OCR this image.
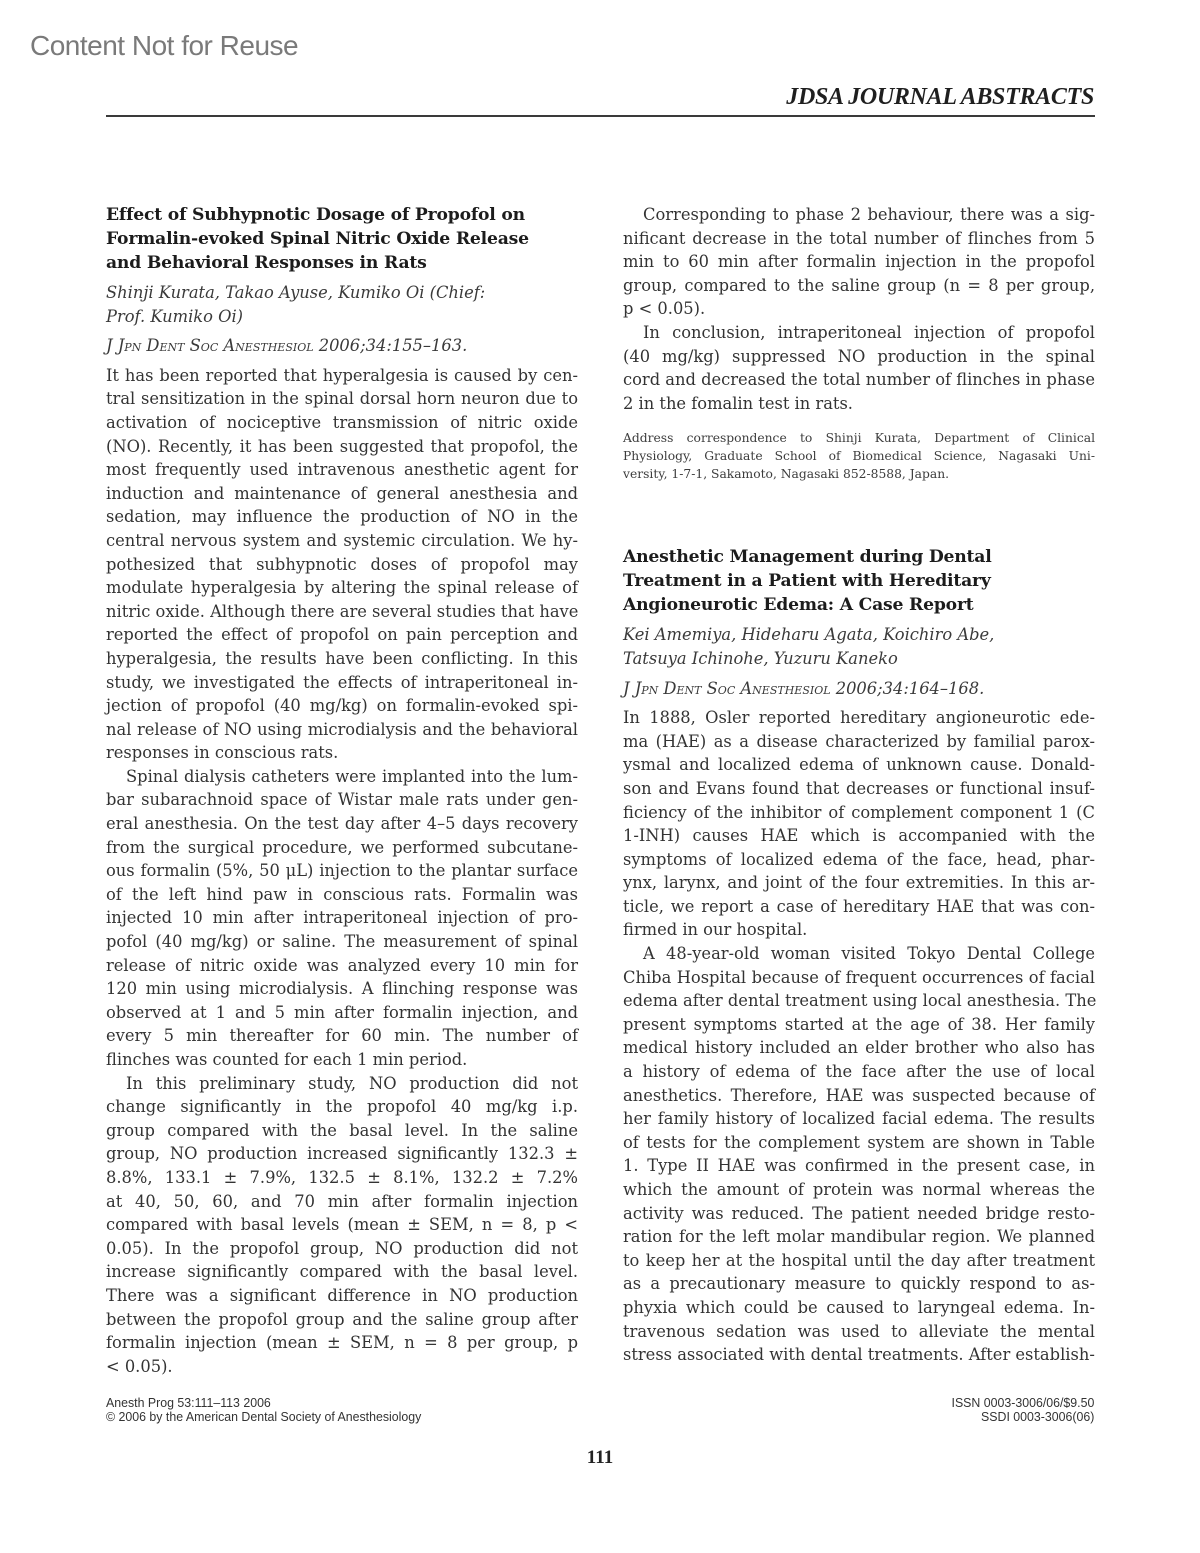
Content Not for Reuse
JDSA JOURNAL ABSTRACTS
Effect of Subhypnotic Dosage of Propofol on
Formalin-evoked Spinal Nitric Oxide Release
and Behavioral Responses in Rats
Shinji Kurata, Takao Ayuse, Kumiko Oi (Chief:
Prof. Kumiko Oi)
J Jpn Dent Soc Anesthesiol 2006;34:155–163.
It has been reported that hyperalgesia is caused by cen-
tral sensitization in the spinal dorsal horn neuron due to
activation of nociceptive transmission of nitric oxide
(NO). Recently, it has been suggested that propofol, the
most frequently used intravenous anesthetic agent for
induction and maintenance of general anesthesia and
sedation, may influence the production of NO in the
central nervous system and systemic circulation. We hy-
pothesized that subhypnotic doses of propofol may
modulate hyperalgesia by altering the spinal release of
nitric oxide. Although there are several studies that have
reported the effect of propofol on pain perception and
hyperalgesia, the results have been conflicting. In this
study, we investigated the effects of intraperitoneal in-
jection of propofol (40 mg/kg) on formalin-evoked spi-
nal release of NO using microdialysis and the behavioral
responses in conscious rats.
Spinal dialysis catheters were implanted into the lum-
bar subarachnoid space of Wistar male rats under gen-
eral anesthesia. On the test day after 4–5 days recovery
from the surgical procedure, we performed subcutane-
ous formalin (5%, 50 μL) injection to the plantar surface
of the left hind paw in conscious rats. Formalin was
injected 10 min after intraperitoneal injection of pro-
pofol (40 mg/kg) or saline. The measurement of spinal
release of nitric oxide was analyzed every 10 min for
120 min using microdialysis. A flinching response was
observed at 1 and 5 min after formalin injection, and
every 5 min thereafter for 60 min. The number of
flinches was counted for each 1 min period.
In this preliminary study, NO production did not
change significantly in the propofol 40 mg/kg i.p.
group compared with the basal level. In the saline
group, NO production increased significantly 132.3 ±
8.8%, 133.1 ± 7.9%, 132.5 ± 8.1%, 132.2 ± 7.2%
at 40, 50, 60, and 70 min after formalin injection
compared with basal levels (mean ± SEM, n = 8, p <
0.05). In the propofol group, NO production did not
increase significantly compared with the basal level.
There was a significant difference in NO production
between the propofol group and the saline group after
formalin injection (mean ± SEM, n = 8 per group, p
< 0.05).
Corresponding to phase 2 behaviour, there was a sig-
nificant decrease in the total number of flinches from 5
min to 60 min after formalin injection in the propofol
group, compared to the saline group (n = 8 per group,
p < 0.05).
In conclusion, intraperitoneal injection of propofol
(40 mg/kg) suppressed NO production in the spinal
cord and decreased the total number of flinches in phase
2 in the fomalin test in rats.
Address correspondence to Shinji Kurata, Department of Clinical
Physiology, Graduate School of Biomedical Science, Nagasaki Uni-
versity, 1-7-1, Sakamoto, Nagasaki 852-8588, Japan.
Anesthetic Management during Dental
Treatment in a Patient with Hereditary
Angioneurotic Edema: A Case Report
Kei Amemiya, Hideharu Agata, Koichiro Abe,
Tatsuya Ichinohe, Yuzuru Kaneko
J Jpn Dent Soc Anesthesiol 2006;34:164–168.
In 1888, Osler reported hereditary angioneurotic ede-
ma (HAE) as a disease characterized by familial parox-
ysmal and localized edema of unknown cause. Donald-
son and Evans found that decreases or functional insuf-
ficiency of the inhibitor of complement component 1 (C
1-INH) causes HAE which is accompanied with the
symptoms of localized edema of the face, head, phar-
ynx, larynx, and joint of the four extremities. In this ar-
ticle, we report a case of hereditary HAE that was con-
firmed in our hospital.
A 48-year-old woman visited Tokyo Dental College
Chiba Hospital because of frequent occurrences of facial
edema after dental treatment using local anesthesia. The
present symptoms started at the age of 38. Her family
medical history included an elder brother who also has
a history of edema of the face after the use of local
anesthetics. Therefore, HAE was suspected because of
her family history of localized facial edema. The results
of tests for the complement system are shown in Table
1. Type II HAE was confirmed in the present case, in
which the amount of protein was normal whereas the
activity was reduced. The patient needed bridge resto-
ration for the left molar mandibular region. We planned
to keep her at the hospital until the day after treatment
as a precautionary measure to quickly respond to as-
phyxia which could be caused to laryngeal edema. In-
travenous sedation was used to alleviate the mental
stress associated with dental treatments. After establish-
Anesth Prog 53:111–113 2006
© 2006 by the American Dental Society of Anesthesiology
ISSN 0003-3006/06/$9.50
SSDI 0003-3006(06)
111
